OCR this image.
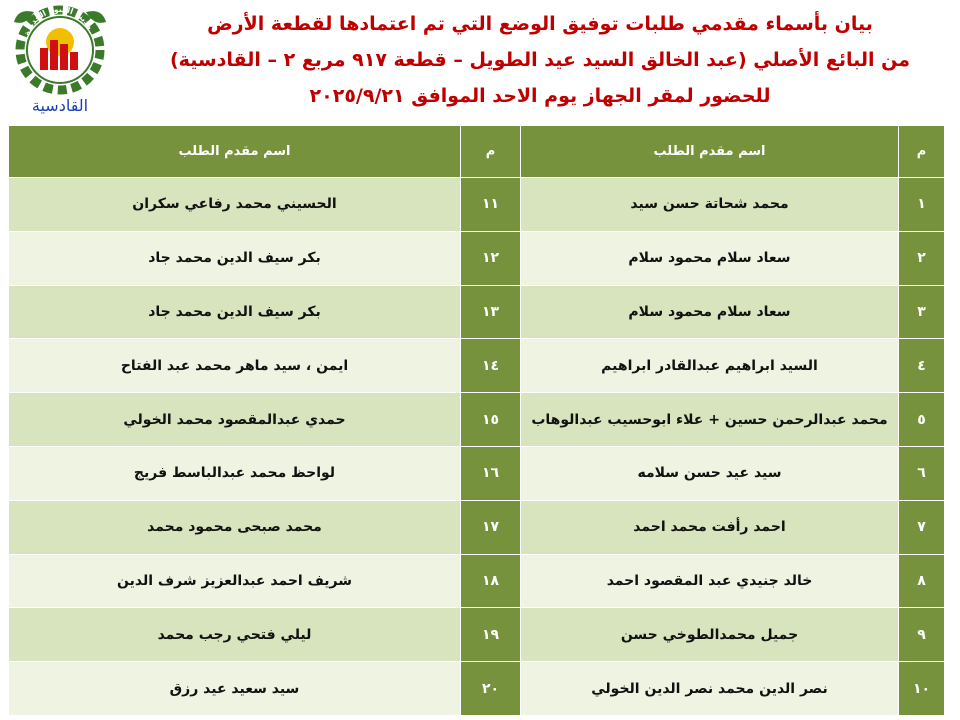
مدينة العبور الجديدة
القادسية
بيان بأسماء مقدمي طلبات توفيق الوضع التي تم اعتمادها لقطعة الأرض
من البائع الأصلي (عبد الخالق السيد عيد الطويل – قطعة ٩١٧ مربع ٢ – القادسية)
للحضور لمقر الجهاز يوم الاحد الموافق ٢٠٢٥/٩/٢١
م	اسم مقدم الطلب	م	اسم مقدم الطلب
١	محمد شحاتة حسن سيد	١١	الحسيني محمد رفاعي سكران
٢	سعاد سلام محمود سلام	١٢	بكر سيف الدين محمد جاد
٣	سعاد سلام محمود سلام	١٣	بكر سيف الدين محمد جاد
٤	السيد ابراهيم عبدالقادر ابراهيم	١٤	ايمن ، سيد ماهر محمد عبد الفتاح
٥	محمد عبدالرحمن حسين + علاء ابوحسيب عبدالوهاب	١٥	حمدي عبدالمقصود محمد الخولي
٦	سيد عيد حسن سلامه	١٦	لواحظ محمد عبدالباسط فريج
٧	احمد رأفت محمد احمد	١٧	محمد صبحى محمود محمد
٨	خالد جنيدي عبد المقصود احمد	١٨	شريف احمد عبدالعزيز شرف الدين
٩	جميل محمدالطوخي حسن	١٩	ليلي فتحي رجب محمد
١٠	نصر الدين محمد نصر الدين الخولي	٢٠	سيد سعيد عيد رزق
